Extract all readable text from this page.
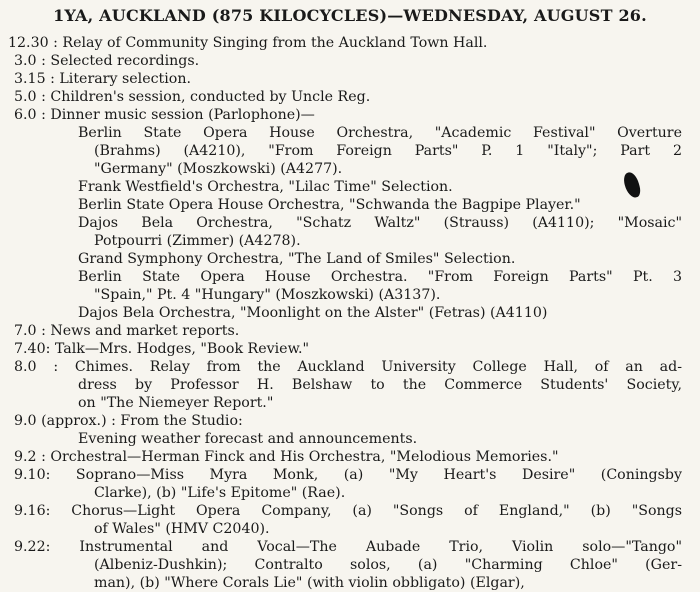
1YA, AUCKLAND (875 KILOCYCLES)—WEDNESDAY, AUGUST 26.
12.30 : Relay of Community Singing from the Auckland Town Hall.
3.0 : Selected recordings.
3.15 : Literary selection.
5.0 : Children's session, conducted by Uncle Reg.
6.0 : Dinner music session (Parlophone)—
Berlin State Opera House Orchestra, "Academic Festival" Overture
(Brahms) (A4210), "From Foreign Parts" P. 1 "Italy"; Part 2
"Germany" (Moszkowski) (A4277).
Frank Westfield's Orchestra, "Lilac Time" Selection.
Berlin State Opera House Orchestra, "Schwanda the Bagpipe Player."
Dajos Bela Orchestra, "Schatz Waltz" (Strauss) (A4110); "Mosaic"
Potpourri (Zimmer) (A4278).
Grand Symphony Orchestra, "The Land of Smiles" Selection.
Berlin State Opera House Orchestra. "From Foreign Parts" Pt. 3
"Spain," Pt. 4 "Hungary" (Moszkowski) (A3137).
Dajos Bela Orchestra, "Moonlight on the Alster" (Fetras) (A4110)
7.0 : News and market reports.
7.40: Talk—Mrs. Hodges, "Book Review."
8.0 : Chimes. Relay from the Auckland University College Hall, of an ad-
dress by Professor H. Belshaw to the Commerce Students' Society,
on "The Niemeyer Report."
9.0 (approx.) : From the Studio:
Evening weather forecast and announcements.
9.2 : Orchestral—Herman Finck and His Orchestra, "Melodious Memories."
9.10: Soprano—Miss Myra Monk, (a) "My Heart's Desire" (Coningsby
Clarke), (b) "Life's Epitome" (Rae).
9.16: Chorus—Light Opera Company, (a) "Songs of England," (b) "Songs
of Wales" (HMV C2040).
9.22: Instrumental and Vocal—The Aubade Trio, Violin solo—"Tango"
(Albeniz-Dushkin); Contralto solos, (a) "Charming Chloe" (Ger-
man), (b) "Where Corals Lie" (with violin obbligato) (Elgar),
